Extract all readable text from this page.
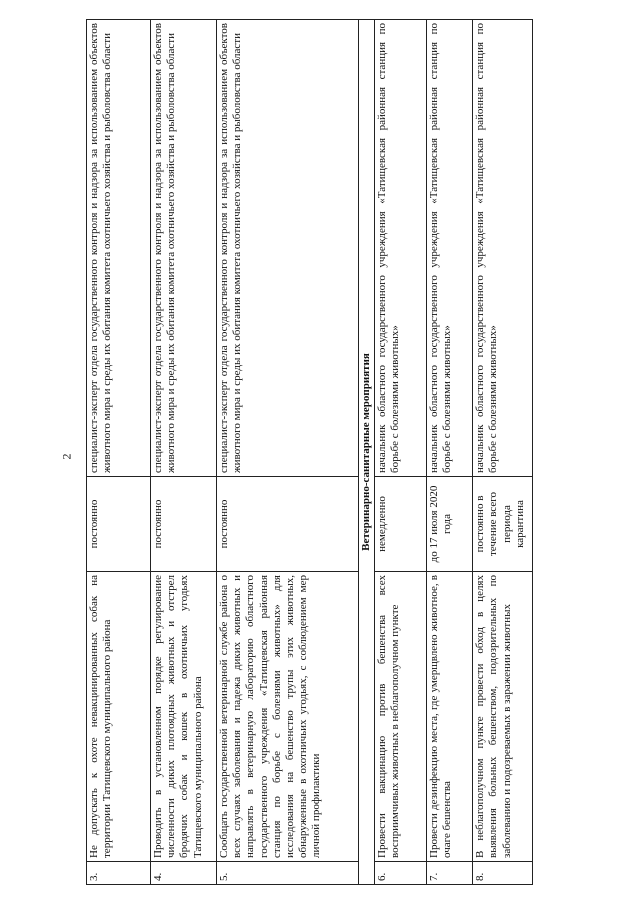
2
3.	Не допускать к охоте невакцинированных собак на территории Татищевского муниципального района	постоянно	специалист-эксперт отдела государственного контроля и надзора за использованием объектов животного мира и среды их обитания комитета охотничьего хозяйства и рыболовства области
4.	Проводить в установленном порядке регулирование численности диких плотоядных животных и отстрел бродячих собак и кошек в охотничьих угодьях Татищевского муниципального района	постоянно	специалист-эксперт отдела государственного контроля и надзора за использованием объектов животного мира и среды их обитания комитета охотничьего хозяйства и рыболовства области
5.	Сообщать государственной ветеринарной службе района о всех случаях заболевания и падежа диких животных и направлять в ветеринарную лабораторию областного государственного учреждения «Татищевская районная станция по борьбе с болезнями животных» для исследования на бешенство трупы этих животных, обнаруженные в охотничьих угодьях, с соблюдением мер личной профилактики	постоянно	специалист-эксперт отдела государственного контроля и надзора за использованием объектов животного мира и среды их обитания комитета охотничьего хозяйства и рыболовства области
Ветеринарно-санитарные мероприятия			
6.	Провести вакцинацию против бешенства всех восприимчивых животных в неблагополучном пункте	немедленно	начальник областного государственного учреждения «Татищевская районная станция по борьбе с болезнями животных»
7.	Провести дезинфекцию места, где умерщвлено животное, в очаге бешенства	до 17 июля 2020 года	начальник областного государственного учреждения «Татищевская районная станция по борьбе с болезнями животных»
8.	В неблагополучном пункте провести обход в целях выявления больных бешенством, подозрительных по заболеванию и подозреваемых в заражении животных	постоянно в течение всего периода карантина	начальник областного государственного учреждения «Татищевская районная станция по борьбе с болезнями животных»
